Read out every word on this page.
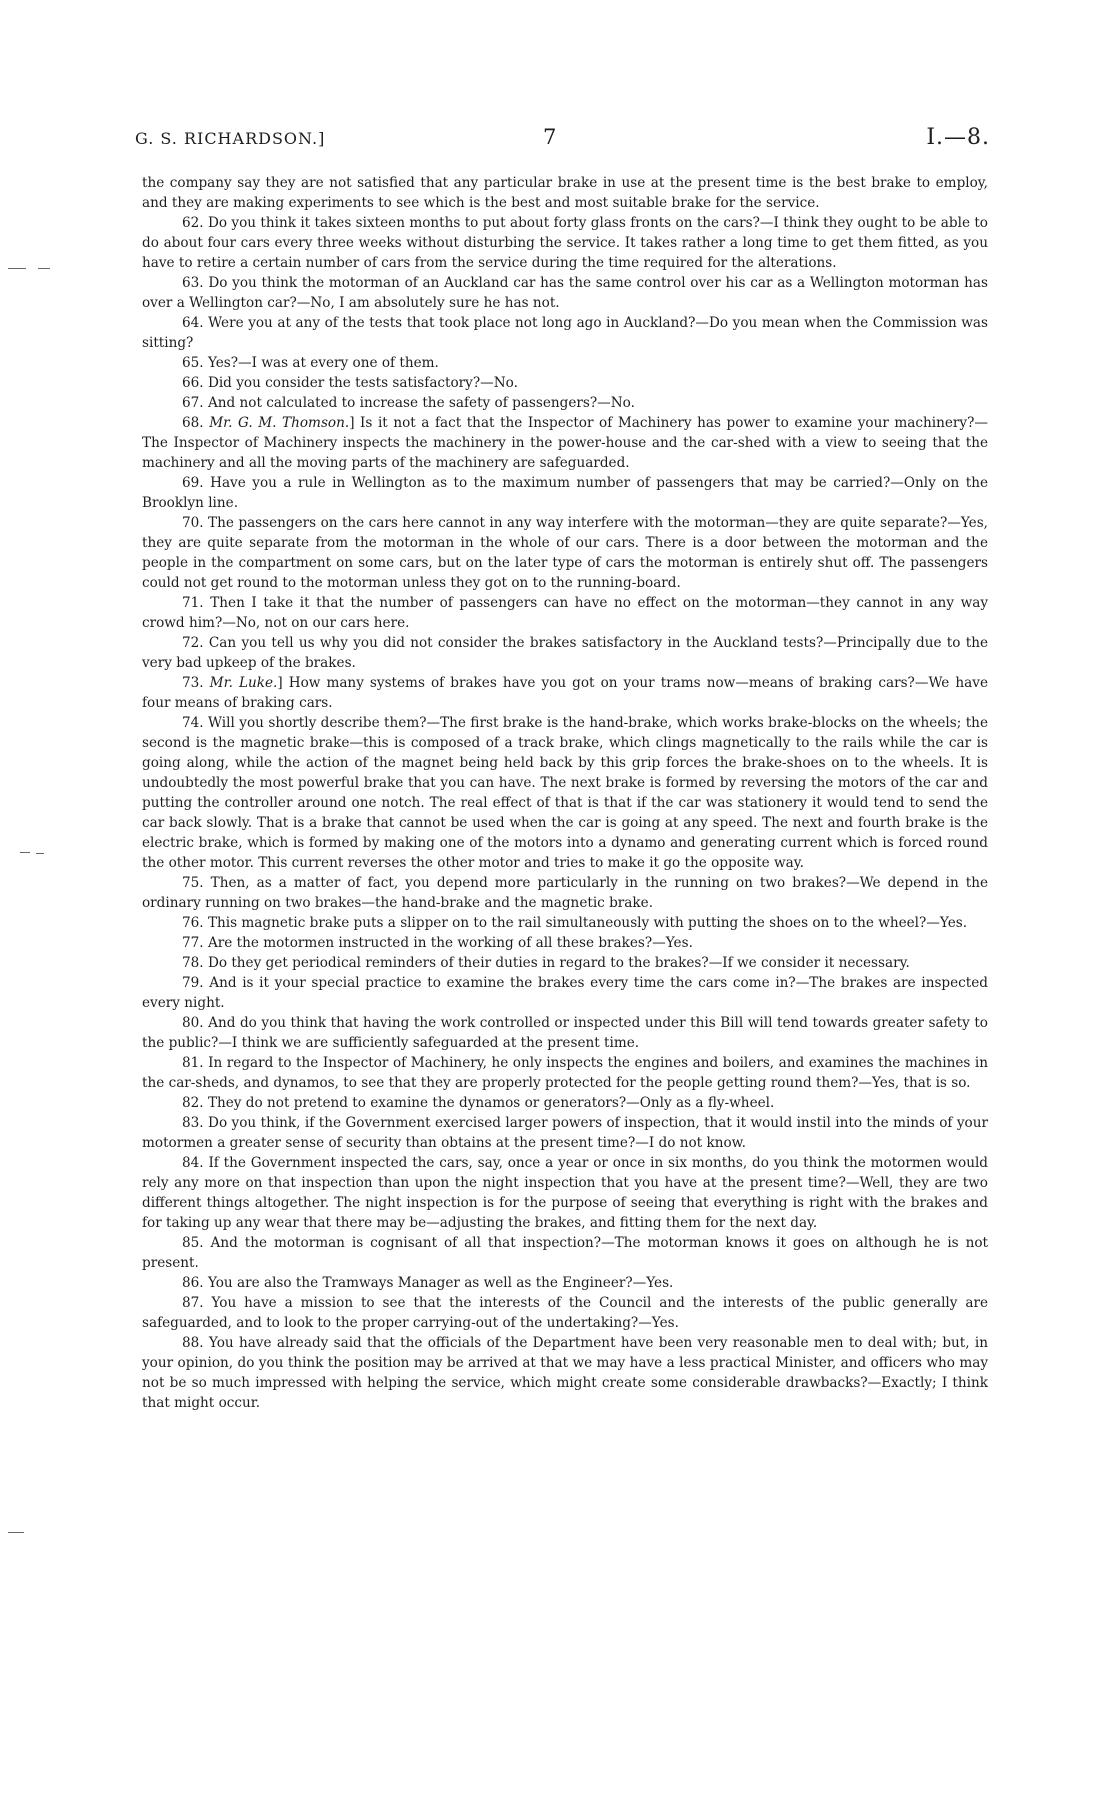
G. S. RICHARDSON.]	7	I.—8.

the company say they are not satisfied that any particular brake in use at the present time is the best brake to employ, and they are making experiments to see which is the best and most suitable brake for the service.

62. Do you think it takes sixteen months to put about forty glass fronts on the cars?—I think they ought to be able to do about four cars every three weeks without disturbing the service. It takes rather a long time to get them fitted, as you have to retire a certain number of cars from the service during the time required for the alterations.

63. Do you think the motorman of an Auckland car has the same control over his car as a Wellington motorman has over a Wellington car?—No, I am absolutely sure he has not.

64. Were you at any of the tests that took place not long ago in Auckland?—Do you mean when the Commission was sitting?

65. Yes?—I was at every one of them.

66. Did you consider the tests satisfactory?—No.

67. And not calculated to increase the safety of passengers?—No.

68. Mr. G. M. Thomson.] Is it not a fact that the Inspector of Machinery has power to examine your machinery?—The Inspector of Machinery inspects the machinery in the power-house and the car-shed with a view to seeing that the machinery and all the moving parts of the machinery are safeguarded.

69. Have you a rule in Wellington as to the maximum number of passengers that may be carried?—Only on the Brooklyn line.

70. The passengers on the cars here cannot in any way interfere with the motorman—they are quite separate?—Yes, they are quite separate from the motorman in the whole of our cars. There is a door between the motorman and the people in the compartment on some cars, but on the later type of cars the motorman is entirely shut off. The passengers could not get round to the motorman unless they got on to the running-board.

71. Then I take it that the number of passengers can have no effect on the motorman—they cannot in any way crowd him?—No, not on our cars here.

72. Can you tell us why you did not consider the brakes satisfactory in the Auckland tests?—Principally due to the very bad upkeep of the brakes.

73. Mr. Luke.] How many systems of brakes have you got on your trams now—means of braking cars?—We have four means of braking cars.

74. Will you shortly describe them?—The first brake is the hand-brake, which works brake-blocks on the wheels; the second is the magnetic brake—this is composed of a track brake, which clings magnetically to the rails while the car is going along, while the action of the magnet being held back by this grip forces the brake-shoes on to the wheels. It is undoubtedly the most powerful brake that you can have. The next brake is formed by reversing the motors of the car and putting the controller around one notch. The real effect of that is that if the car was stationery it would tend to send the car back slowly. That is a brake that cannot be used when the car is going at any speed. The next and fourth brake is the electric brake, which is formed by making one of the motors into a dynamo and generating current which is forced round the other motor. This current reverses the other motor and tries to make it go the opposite way.

75. Then, as a matter of fact, you depend more particularly in the running on two brakes?—We depend in the ordinary running on two brakes—the hand-brake and the magnetic brake.

76. This magnetic brake puts a slipper on to the rail simultaneously with putting the shoes on to the wheel?—Yes.

77. Are the motormen instructed in the working of all these brakes?—Yes.

78. Do they get periodical reminders of their duties in regard to the brakes?—If we consider it necessary.

79. And is it your special practice to examine the brakes every time the cars come in?—The brakes are inspected every night.

80. And do you think that having the work controlled or inspected under this Bill will tend towards greater safety to the public?—I think we are sufficiently safeguarded at the present time.

81. In regard to the Inspector of Machinery, he only inspects the engines and boilers, and examines the machines in the car-sheds, and dynamos, to see that they are properly protected for the people getting round them?—Yes, that is so.

82. They do not pretend to examine the dynamos or generators?—Only as a fly-wheel.

83. Do you think, if the Government exercised larger powers of inspection, that it would instil into the minds of your motormen a greater sense of security than obtains at the present time?—I do not know.

84. If the Government inspected the cars, say, once a year or once in six months, do you think the motormen would rely any more on that inspection than upon the night inspection that you have at the present time?—Well, they are two different things altogether. The night inspection is for the purpose of seeing that everything is right with the brakes and for taking up any wear that there may be—adjusting the brakes, and fitting them for the next day.

85. And the motorman is cognisant of all that inspection?—The motorman knows it goes on although he is not present.

86. You are also the Tramways Manager as well as the Engineer?—Yes.

87. You have a mission to see that the interests of the Council and the interests of the public generally are safeguarded, and to look to the proper carrying-out of the undertaking?—Yes.

88. You have already said that the officials of the Department have been very reasonable men to deal with; but, in your opinion, do you think the position may be arrived at that we may have a less practical Minister, and officers who may not be so much impressed with helping the service, which might create some considerable drawbacks?—Exactly; I think that might occur.
